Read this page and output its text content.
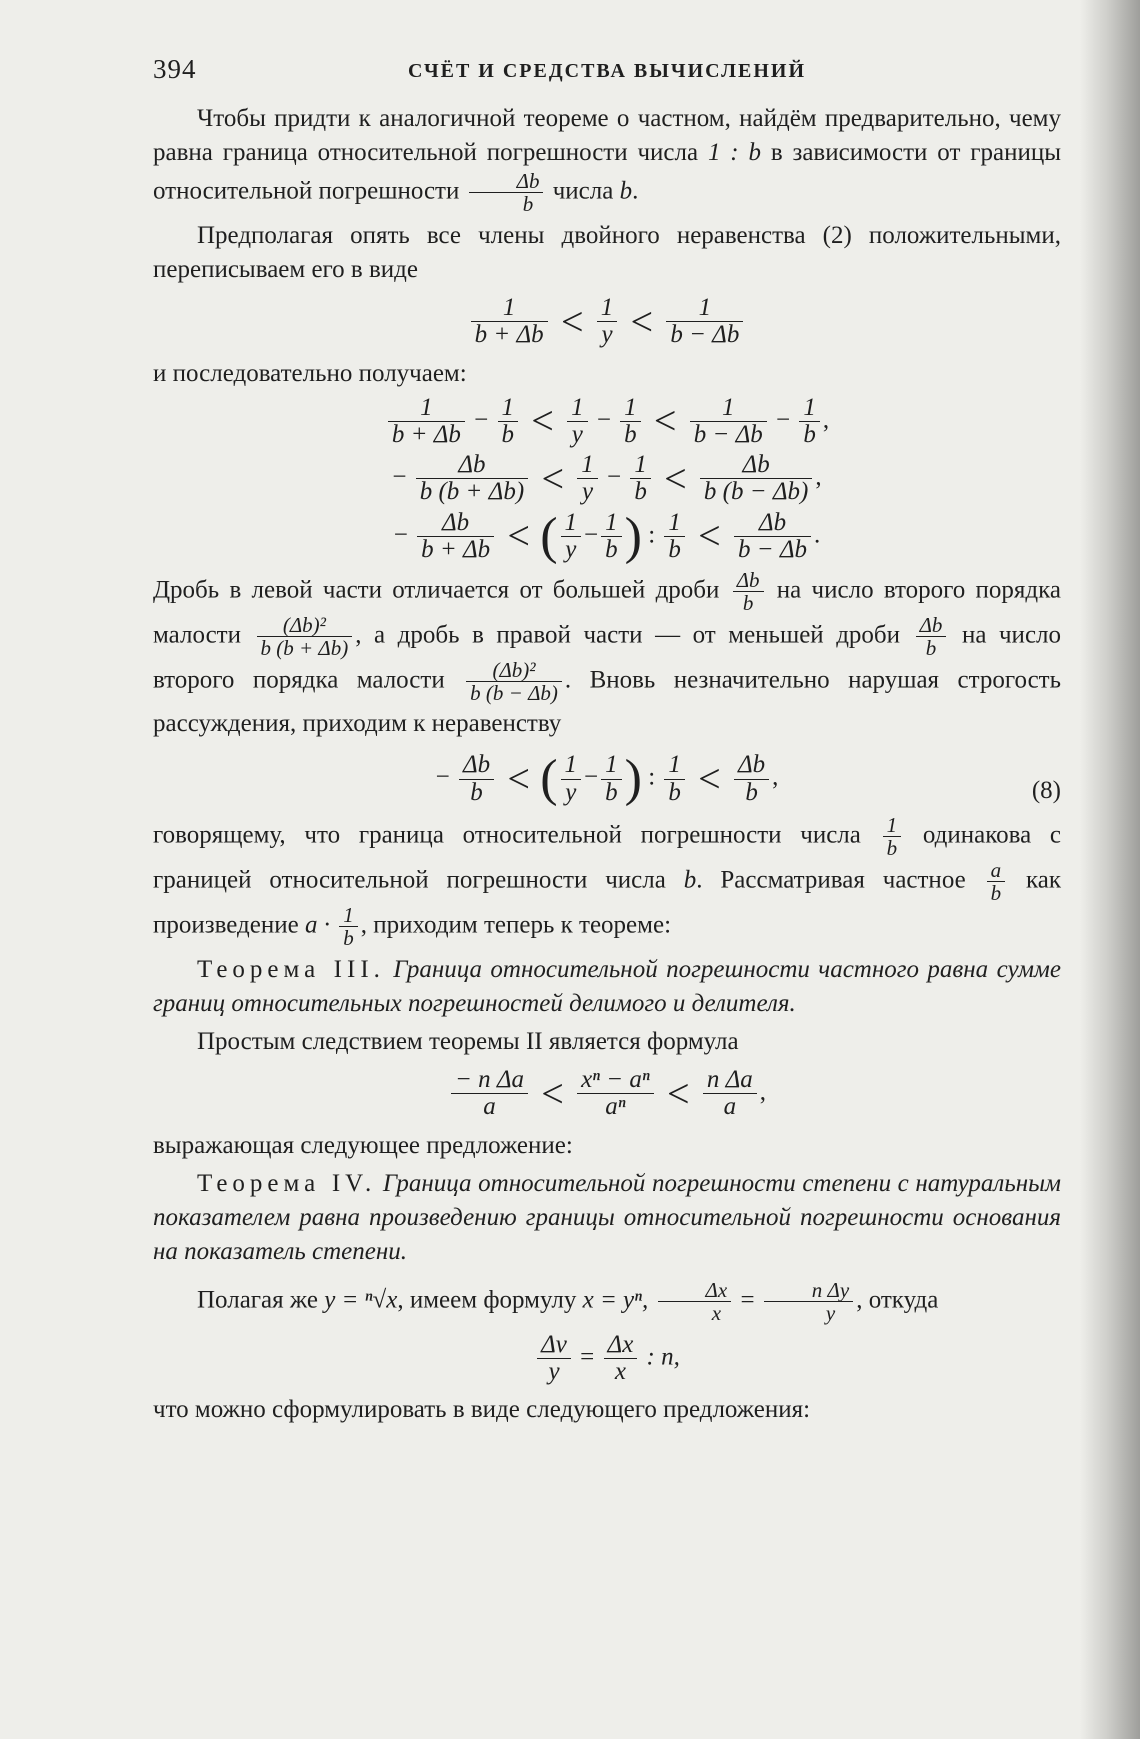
394	СЧЁТ И СРЕДСТВА ВЫЧИСЛЕНИЙ

Чтобы придти к аналогичной теореме о частном, найдём предварительно, чему равна граница относительной погрешности числа 1 : b в зависимости от границы относительной погрешности $\frac{\Delta b}{b}$ числа b.

Предполагая опять все члены двойного неравенства (2) положительными, переписываем его в виде

$\frac{1}{b + \Delta b} < \frac{1}{y} < \frac{1}{b - \Delta b}$

и последовательно получаем:

$\frac{1}{b + \Delta b} - \frac{1}{b} < \frac{1}{y} - \frac{1}{b} < \frac{1}{b - \Delta b} - \frac{1}{b}$ ,
− $\frac{\Delta b}{b (b + \Delta b)} < \frac{1}{y} - \frac{1}{b} < \frac{\Delta b}{b (b - \Delta b)}$ ,
− $\frac{\Delta b}{b + \Delta b}$ < ( $\frac{1}{y} - \frac{1}{b}$ ) : $\frac{1}{b} < \frac{\Delta b}{b - \Delta b}$ .

Дробь в левой части отличается от большей дроби $\frac{\Delta b}{b}$ на число второго порядка малости $\frac{\text{(Δb)²}}{b (b + \Delta b)}$ , а дробь в правой части — от меньшей дроби $\frac{\Delta b}{b}$ на число второго порядка малости $\frac{\text{(Δb)²}}{b (b - \Delta b)}$ . Вновь незначительно нарушая строгость рассуждения, приходим к неравенству

− $\frac{\Delta b}{b}$ < ( $\frac{1}{y} - \frac{1}{b}$ ) : $\frac{1}{b} < \frac{\Delta b}{b}$ ,
(8)

говорящему, что граница относительной погрешности числа $\frac{1}{b}$ одинакова с границей относительной погрешности числа b. Рассматривая частное $\frac{a}{b}$ как произведение $a \cdot \frac{1}{b}$ , приходим теперь к теореме:

Теорема III. Граница относительной погрешности частного равна сумме границ относительных погрешностей делимого и делителя.

Простым следствием теоремы II является формула

$\frac{\text{− n Δa}}{a} < \frac{\text{xⁿ − aⁿ}}{\text{aⁿ}} < \frac{\text{n Δa}}{a}$ ,

выражающая следующее предложение:

Теорема IV. Граница относительной погрешности степени с натуральным показателем равна произведению границы относительной погрешности основания на показатель степени.

Полагая же y = ⁿ√x, имеем формулу x = yⁿ, $\frac{\Delta x}{x} = \frac{\text{n Δy}}{y}$ , откуда

$\frac{\Delta v}{y} = \frac{\Delta x}{x}$ : n,

что можно сформулировать в виде следующего предложения:
